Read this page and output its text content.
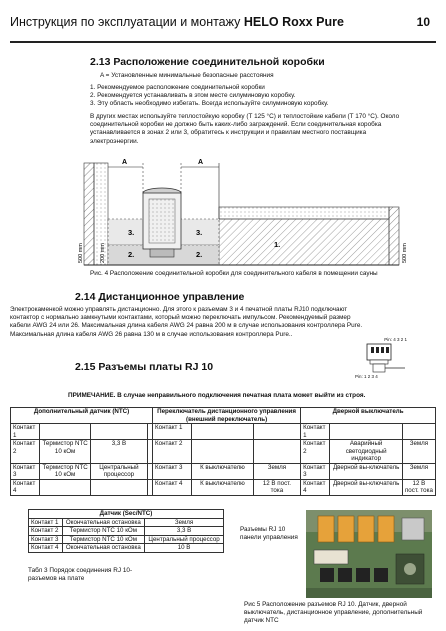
Инструкция по эксплуатации и монтажу HELO Roxx Pure	10
2.13 Расположение соединительной коробки
A = Установленные минимальные безопасные расстояния
1. Рекомендуемое расположение соединительной коробки
2. Рекомендуется устанавливать в этом месте силуминовую коробку.
3. Эту область необходимо избегать. Всегда используйте силуминовую коробку.
В других местах используйте теплостойкую коробку (T 125 °C) и теплостойкие кабели (T 170 °C). Около
соединительной коробки не должно быть каких-либо заграждений. Если соединительная коробка
устанавливается в зонах 2 или 3, обратитесь к инструкции и правилам местного поставщика
электроэнергии.
A	A
3.	3.
2.	2.
1.
500 mm	200 mm	500 mm
Рис. 4 Расположение соединительной коробки для соединительного кабеля в помещении сауны
2.14 Дистанционное управление
Электрокаменкой можно управлять дистанционно. Для этого к разъемам 3 и 4 печатной платы RJ10 подключают
контактор с нормально замкнутыми контактами, который можно переключать импульсом. Рекомендуемый размер
кабели AWG 24 или 26. Максимальная длина кабеля AWG 24 равна 200 м в случае использования контроллера Pure.
Максимальная длина кабеля AWG 26 равна 130 м в случае использования контроллера Pure..
2.15 Разъемы платы RJ 10
Pin: 4 3 2 1
Pin: 1 2 3 4
ПРИМЕЧАНИЕ. В случае неправильного подключения печатная плата может выйти из строя.
Дополнительный датчик (NTC)				Переключатель дистанционного управления (внешний переключатель)			Дверной выключатель		
Контакт 1				Контакт 1			Контакт 1		
Контакт 2	Термистор NTC 10 кОм	3,3 В		Контакт 2			Контакт 2	Аварийный светодиодный индикатор	Земля
Контакт 3	Термистор NTC 10 кОм	Центральный процессор		Контакт 3	К выключателю	Земля	Контакт 3	Дверной вы-ключатель	Земля
Контакт 4				Контакт 4	К выключателю	12 В пост. тока	Контакт 4	Дверной вы-ключатель	12 В пост. тока
Датчик (Sec/NTC)		
Контакт 1	Окончательная остановка	Земля
Контакт 2	Термистор NTC 10 кОм	3,3 В
Контакт 3	Термистор NTC 10 кОм	Центральный процессор
Контакт 4	Окончательная остановка	10 В
Табл 3 Порядок соединения RJ 10-разъемов на плате
Разъемы RJ 10 панели управления
Рис 5 Расположение разъемов RJ 10. Датчик, дверной выключатель, дистанционное управление, дополнительный датчик NTC
